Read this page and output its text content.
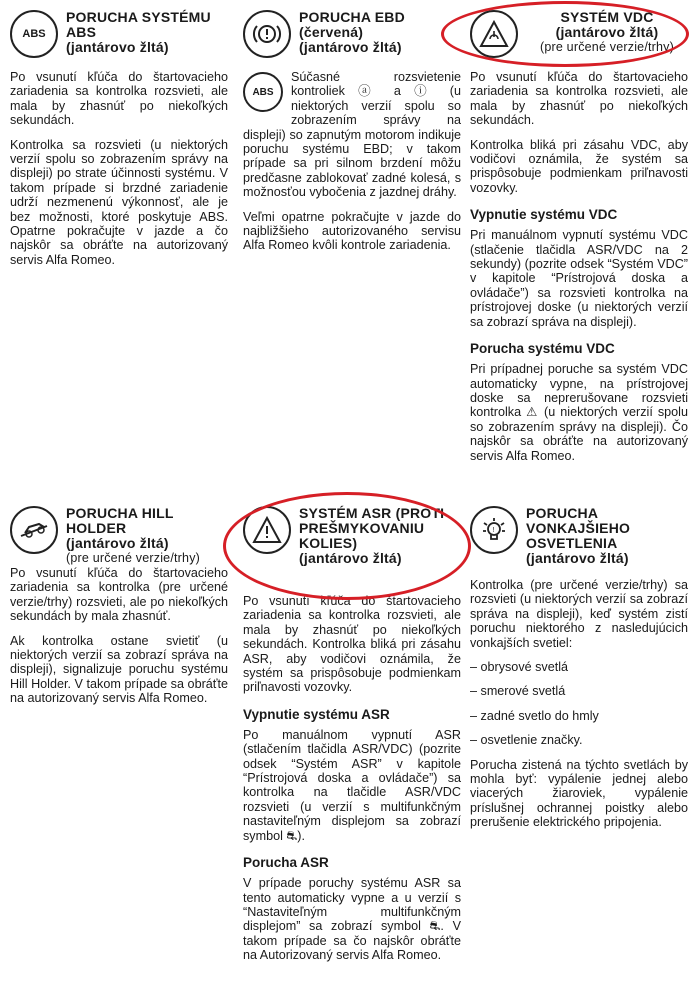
ABS
PORUCHA SYSTÉMU ABS
(jantárovo žltá)

Po vsunutí kľúča do štartovacieho zariadenia sa kontrolka rozsvieti, ale mala by zhasnúť po niekoľkých sekundách.

Kontrolka sa rozsvieti (u niektorých verzií spolu so zobrazením správy na displeji) po strate účinnosti systému. V takom prípade si brzdné zariadenie udrží nezmenenú výkonnosť, ale je bez možnosti, ktoré poskytuje ABS. Opatrne pokračujte v jazde a čo najskôr sa obráťte na autorizovaný servis Alfa Romeo.

PORUCHA EBD
(červená)
(jantárovo žltá)
ABS

Súčasné rozsvietenie kontroliek ⓐ a ⓘ (u niektorých verzií spolu so zobrazením správy na displeji) so zapnutým motorom indikuje poruchu systému EBD; v takom prípade sa pri silnom brzdení môžu predčasne zablokovať zadné kolesá, s možnosťou vybočenia z jazdnej dráhy.

Veľmi opatrne pokračujte v jazde do najbližšieho autorizovaného servisu Alfa Romeo kvôli kontrole zariadenia.

SYSTÉM VDC
(jantárovo žltá)
(pre určené verzie/trhy)

Po vsunutí kľúča do štartovacieho zariadenia sa kontrolka rozsvieti, ale mala by zhasnúť po niekoľkých sekundách.

Kontrolka bliká pri zásahu VDC, aby vodičovi oznámila, že systém sa prispôsobuje podmienkam priľnavosti vozovky.

Vypnutie systému VDC

Pri manuálnom vypnutí systému VDC (stlačenie tlačidla ASR/VDC na 2 sekundy) (pozrite odsek “Systém VDC” v kapitole “Prístrojová doska a ovládače”) sa rozsvieti kontrolka na prístrojovej doske (u niektorých verzií sa zobrazí správa na displeji).

Porucha systému VDC

Pri prípadnej poruche sa systém VDC automaticky vypne, na prístrojovej doske sa neprerušovane rozsvieti kontrolka ⚠ (u niektorých verzií spolu so zobrazením správy na displeji). Čo najskôr sa obráťte na autorizovaný servis Alfa Romeo.

PORUCHA HILL HOLDER
(jantárovo žltá)
(pre určené verzie/trhy)

Po vsunutí kľúča do štartovacieho zariadenia sa kontrolka (pre určené verzie/trhy) rozsvieti, ale po niekoľkých sekundách by mala zhasnúť.

Ak kontrolka ostane svietiť (u niektorých verzií sa zobrazí správa na displeji), signalizuje poruchu systému Hill Holder. V takom prípade sa obráťte na autorizovaný servis Alfa Romeo.

SYSTÉM ASR (PROTI PREŠMYKOVANIU KOLIES)
(jantárovo žltá)

Po vsunutí kľúča do štartovacieho zariadenia sa kontrolka rozsvieti, ale mala by zhasnúť po niekoľkých sekundách. Kontrolka bliká pri zásahu ASR, aby vodičovi oznámila, že systém sa prispôsobuje podmienkam priľnavosti vozovky.

Vypnutie systému ASR

Po manuálnom vypnutí ASR (stlačením tlačidla ASR/VDC) (pozrite odsek “Systém ASR” v kapitole “Prístrojová doska a ovládače”) sa kontrolka na tlačidle ASR/VDC rozsvieti (u verzií s multifunkčným nastaviteľným displejom sa zobrazí symbol ⛐).

Porucha ASR

V prípade poruchy systému ASR sa tento automaticky vypne a u verzií s “Nastaviteľným multifunkčným displejom” sa zobrazí symbol ⛐. V takom prípade sa čo najskôr obráťte na Autorizovaný servis Alfa Romeo.

!
PORUCHA VONKAJŠIEHO OSVETLENIA
(jantárovo žltá)

Kontrolka (pre určené verzie/trhy) sa rozsvieti (u niektorých verzií sa zobrazí správa na displeji), keď systém zistí poruchu niektorého z nasledujúcich vonkajších svetiel:

– obrysové svetlá
– smerové svetlá
– zadné svetlo do hmly
– osvetlenie značky.

Porucha zistená na týchto svetlách by mohla byť: vypálenie jednej alebo viacerých žiaroviek, vypálenie príslušnej ochrannej poistky alebo prerušenie elektrického pripojenia.
